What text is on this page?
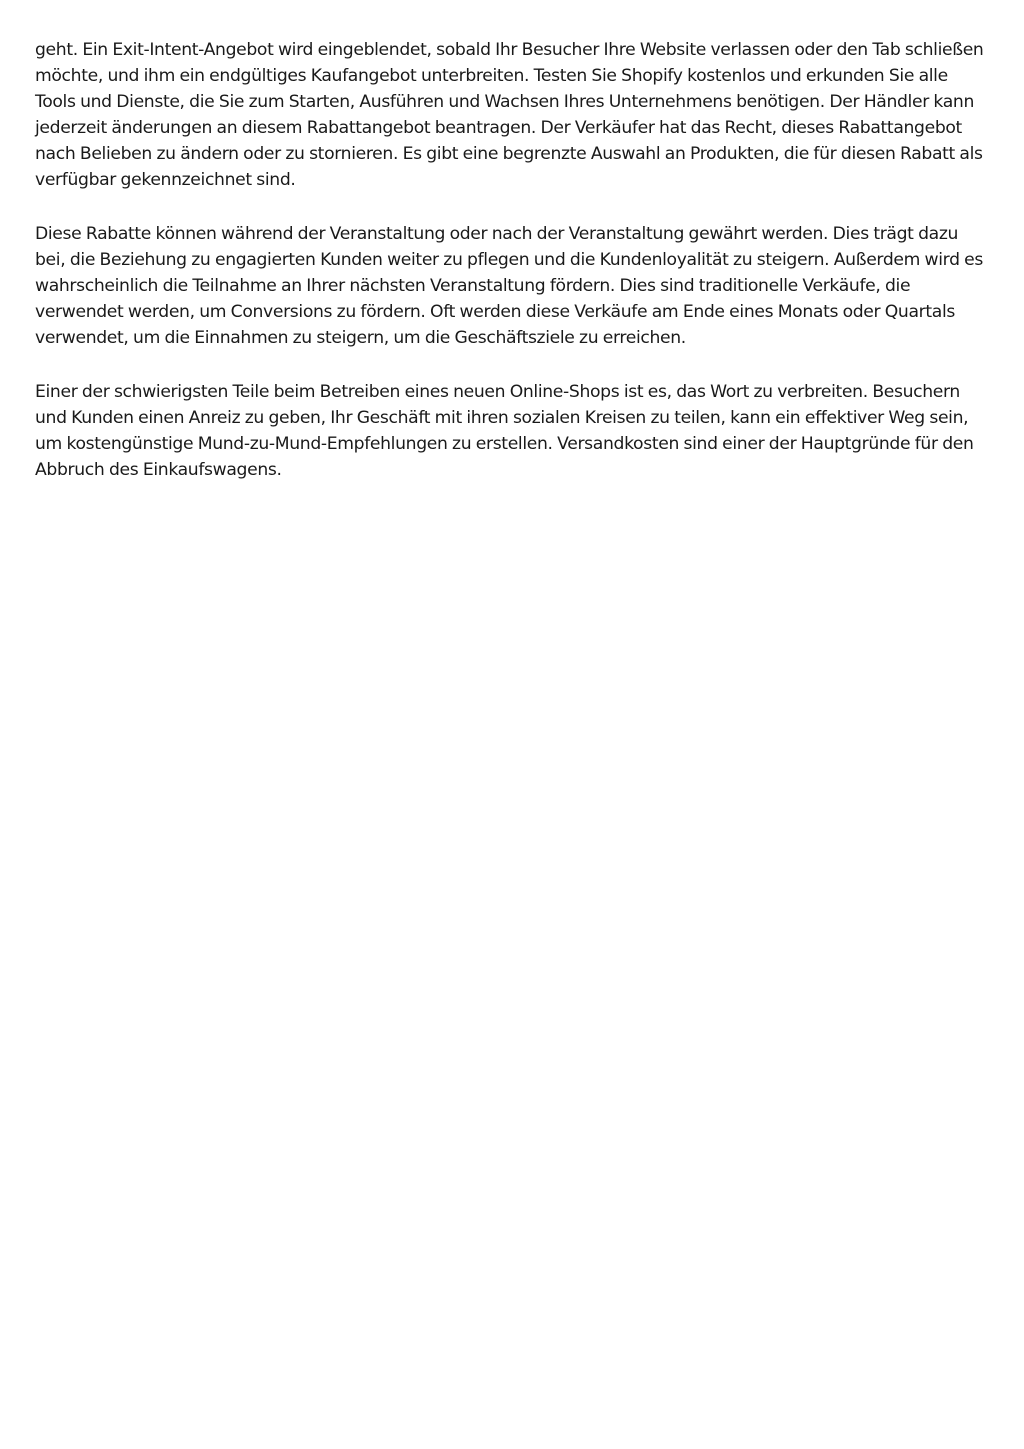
geht. Ein Exit-Intent-Angebot wird eingeblendet, sobald Ihr Besucher Ihre Website verlassen oder den Tab schließen möchte, und ihm ein endgültiges Kaufangebot unterbreiten. Testen Sie Shopify kostenlos und erkunden Sie alle Tools und Dienste, die Sie zum Starten, Ausführen und Wachsen Ihres Unternehmens benötigen. Der Händler kann jederzeit änderungen an diesem Rabattangebot beantragen. Der Verkäufer hat das Recht, dieses Rabattangebot nach Belieben zu ändern oder zu stornieren. Es gibt eine begrenzte Auswahl an Produkten, die für diesen Rabatt als verfügbar gekennzeichnet sind.

Diese Rabatte können während der Veranstaltung oder nach der Veranstaltung gewährt werden. Dies trägt dazu bei, die Beziehung zu engagierten Kunden weiter zu pflegen und die Kundenloyalität zu steigern. Außerdem wird es wahrscheinlich die Teilnahme an Ihrer nächsten Veranstaltung fördern. Dies sind traditionelle Verkäufe, die verwendet werden, um Conversions zu fördern. Oft werden diese Verkäufe am Ende eines Monats oder Quartals verwendet, um die Einnahmen zu steigern, um die Geschäftsziele zu erreichen.

Einer der schwierigsten Teile beim Betreiben eines neuen Online-Shops ist es, das Wort zu verbreiten. Besuchern und Kunden einen Anreiz zu geben, Ihr Geschäft mit ihren sozialen Kreisen zu teilen, kann ein effektiver Weg sein, um kostengünstige Mund-zu-Mund-Empfehlungen zu erstellen. Versandkosten sind einer der Hauptgründe für den Abbruch des Einkaufswagens.
